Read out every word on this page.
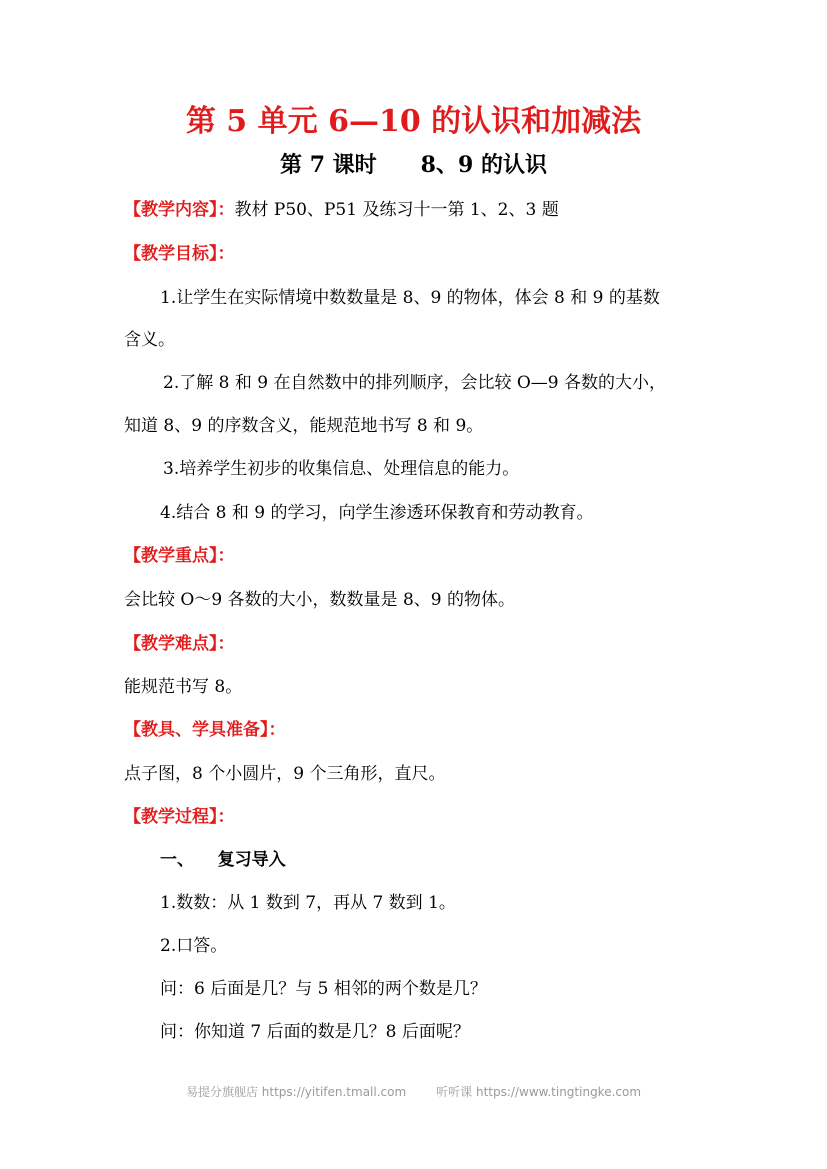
第 5 单元 6—10 的认识和加减法
第 7 课时 8、9 的认识
【教学内容】：教材 P50、P51 及练习十一第 1、2、3 题
【教学目标】：
1.让学生在实际情境中数数量是 8、9 的物体，体会 8 和 9 的基数
含义。
2.了解 8 和 9 在自然数中的排列顺序，会比较 O—9 各数的大小，
知道 8、9 的序数含义，能规范地书写 8 和 9。
3.培养学生初步的收集信息、处理信息的能力。
4.结合 8 和 9 的学习，向学生渗透环保教育和劳动教育。
【教学重点】：
会比较 O～9 各数的大小，数数量是 8、9 的物体。
【教学难点】：
能规范书写 8。
【教具、学具准备】：
点子图，8 个小圆片，9 个三角形，直尺。
【教学过程】：
一、    复习导入
1.数数：从 1 数到 7，再从 7 数到 1。
2.口答。
问：6 后面是几？与 5 相邻的两个数是几？
问：你知道 7 后面的数是几？8 后面呢？
易提分旗舰店 https://yitifen.tmall.com	听听课 https://www.tingtingke.com
